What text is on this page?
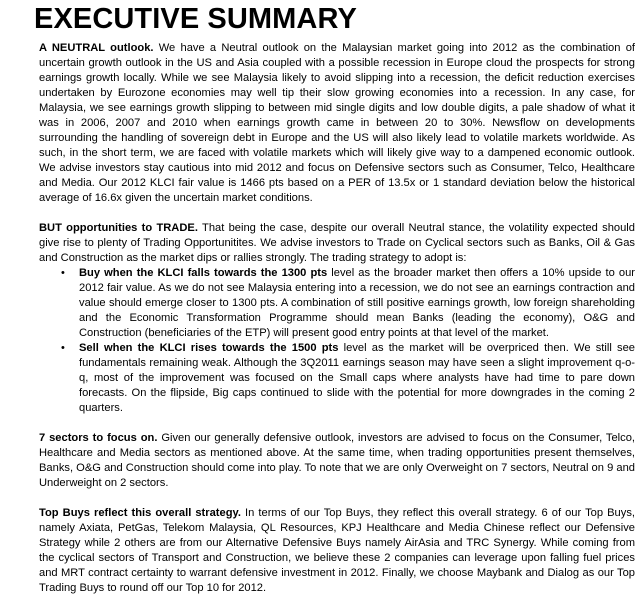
EXECUTIVE SUMMARY

A NEUTRAL outlook. We have a Neutral outlook on the Malaysian market going into 2012 as the combination of uncertain growth outlook in the US and Asia coupled with a possible recession in Europe cloud the prospects for strong earnings growth locally. While we see Malaysia likely to avoid slipping into a recession, the deficit reduction exercises undertaken by Eurozone economies may well tip their slow growing economies into a recession. In any case, for Malaysia, we see earnings growth slipping to between mid single digits and low double digits, a pale shadow of what it was in 2006, 2007 and 2010 when earnings growth came in between 20 to 30%. Newsflow on developments surrounding the handling of sovereign debt in Europe and the US will also likely lead to volatile markets worldwide. As such, in the short term, we are faced with volatile markets which will likely give way to a dampened economic outlook. We advise investors stay cautious into mid 2012 and focus on Defensive sectors such as Consumer, Telco, Healthcare and Media. Our 2012 KLCI fair value is 1466 pts based on a PER of 13.5x or 1 standard deviation below the historical average of 16.6x given the uncertain market conditions.

BUT opportunities to TRADE. That being the case, despite our overall Neutral stance, the volatility expected should give rise to plenty of Trading Opportunitites. We advise investors to Trade on Cyclical sectors such as Banks, Oil & Gas and Construction as the market dips or rallies strongly. The trading strategy to adopt is:

• Buy when the KLCI falls towards the 1300 pts level as the broader market then offers a 10% upside to our 2012 fair value. As we do not see Malaysia entering into a recession, we do not see an earnings contraction and value should emerge closer to 1300 pts. A combination of still positive earnings growth, low foreign shareholding and the Economic Transformation Programme should mean Banks (leading the economy), O&G and Construction (beneficiaries of the ETP) will present good entry points at that level of the market.
• Sell when the KLCI rises towards the 1500 pts level as the market will be overpriced then. We still see fundamentals remaining weak. Although the 3Q2011 earnings season may have seen a slight improvement q-o-q, most of the improvement was focused on the Small caps where analysts have had time to pare down forecasts. On the flipside, Big caps continued to slide with the potential for more downgrades in the coming 2 quarters.

7 sectors to focus on. Given our generally defensive outlook, investors are advised to focus on the Consumer, Telco, Healthcare and Media sectors as mentioned above. At the same time, when trading opportunities present themselves, Banks, O&G and Construction should come into play. To note that we are only Overweight on 7 sectors, Neutral on 9 and Underweight on 2 sectors.

Top Buys reflect this overall strategy. In terms of our Top Buys, they reflect this overall strategy. 6 of our Top Buys, namely Axiata, PetGas, Telekom Malaysia, QL Resources, KPJ Healthcare and Media Chinese reflect our Defensive Strategy while 2 others are from our Alternative Defensive Buys namely AirAsia and TRC Synergy. While coming from the cyclical sectors of Transport and Construction, we believe these 2 companies can leverage upon falling fuel prices and MRT contract certainty to warrant defensive investment in 2012. Finally, we choose Maybank and Dialog as our Top Trading Buys to round off our Top 10 for 2012.
